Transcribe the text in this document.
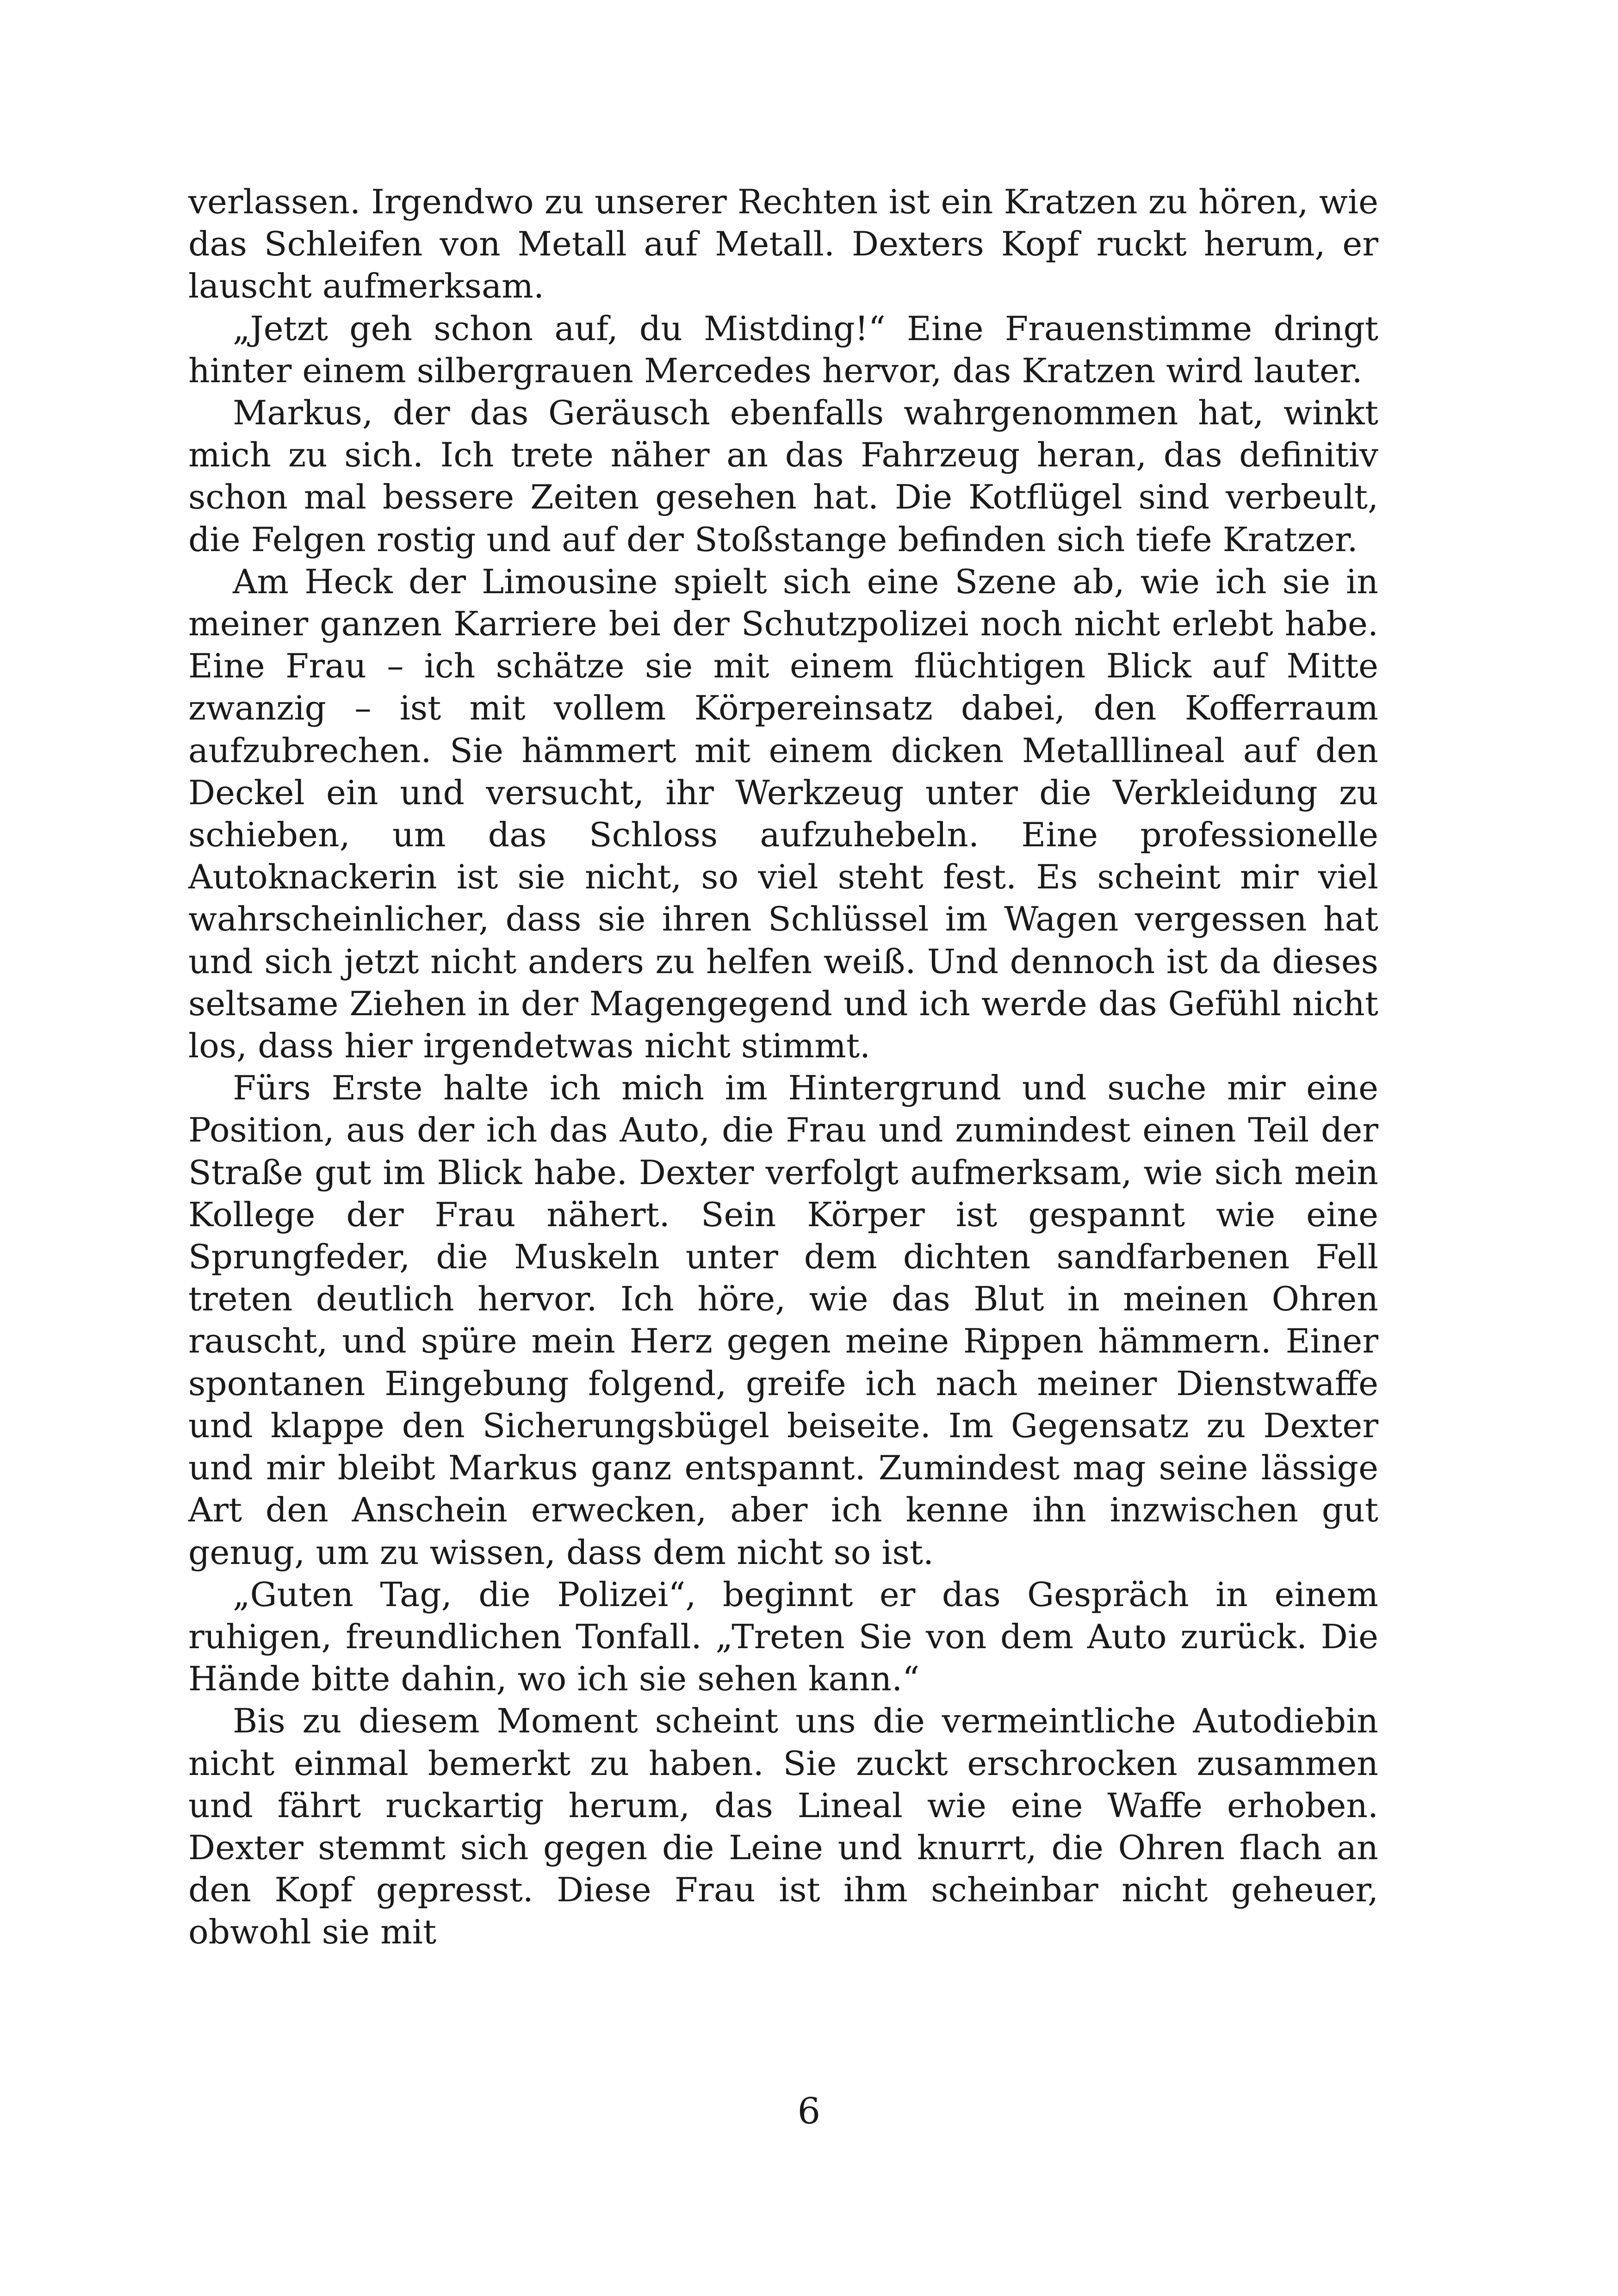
verlassen. Irgendwo zu unserer Rechten ist ein Kratzen zu hören, wie das Schleifen von Metall auf Metall. Dexters Kopf ruckt herum, er lauscht aufmerksam.

„Jetzt geh schon auf, du Mistding!“ Eine Frauenstimme dringt hinter einem silbergrauen Mercedes hervor, das Kratzen wird lauter.

Markus, der das Geräusch ebenfalls wahrgenommen hat, winkt mich zu sich. Ich trete näher an das Fahrzeug heran, das definitiv schon mal bessere Zeiten gesehen hat. Die Kotflügel sind verbeult, die Felgen rostig und auf der Stoßstange befinden sich tiefe Kratzer.

Am Heck der Limousine spielt sich eine Szene ab, wie ich sie in meiner ganzen Karriere bei der Schutzpolizei noch nicht erlebt habe. Eine Frau – ich schätze sie mit einem flüchtigen Blick auf Mitte zwanzig – ist mit vollem Körpereinsatz dabei, den Kofferraum aufzubrechen. Sie hämmert mit einem dicken Metalllineal auf den Deckel ein und versucht, ihr Werkzeug unter die Verkleidung zu schieben, um das Schloss aufzuhebeln. Eine professionelle Autoknackerin ist sie nicht, so viel steht fest. Es scheint mir viel wahrscheinlicher, dass sie ihren Schlüssel im Wagen vergessen hat und sich jetzt nicht anders zu helfen weiß. Und dennoch ist da dieses seltsame Ziehen in der Magengegend und ich werde das Gefühl nicht los, dass hier irgendetwas nicht stimmt.

Fürs Erste halte ich mich im Hintergrund und suche mir eine Position, aus der ich das Auto, die Frau und zumindest einen Teil der Straße gut im Blick habe. Dexter verfolgt aufmerksam, wie sich mein Kollege der Frau nähert. Sein Körper ist gespannt wie eine Sprungfeder, die Muskeln unter dem dichten sandfarbenen Fell treten deutlich hervor. Ich höre, wie das Blut in meinen Ohren rauscht, und spüre mein Herz gegen meine Rippen hämmern. Einer spontanen Eingebung folgend, greife ich nach meiner Dienstwaffe und klappe den Sicherungsbügel beiseite. Im Gegensatz zu Dexter und mir bleibt Markus ganz entspannt. Zumindest mag seine lässige Art den Anschein erwecken, aber ich kenne ihn inzwischen gut genug, um zu wissen, dass dem nicht so ist.

„Guten Tag, die Polizei“, beginnt er das Gespräch in einem ruhigen, freundlichen Tonfall. „Treten Sie von dem Auto zurück. Die Hände bitte dahin, wo ich sie sehen kann.“

Bis zu diesem Moment scheint uns die vermeintliche Autodiebin nicht einmal bemerkt zu haben. Sie zuckt erschrocken zusammen und fährt ruckartig herum, das Lineal wie eine Waffe erhoben. Dexter stemmt sich gegen die Leine und knurrt, die Ohren flach an den Kopf gepresst. Diese Frau ist ihm scheinbar nicht geheuer, obwohl sie mit

6
